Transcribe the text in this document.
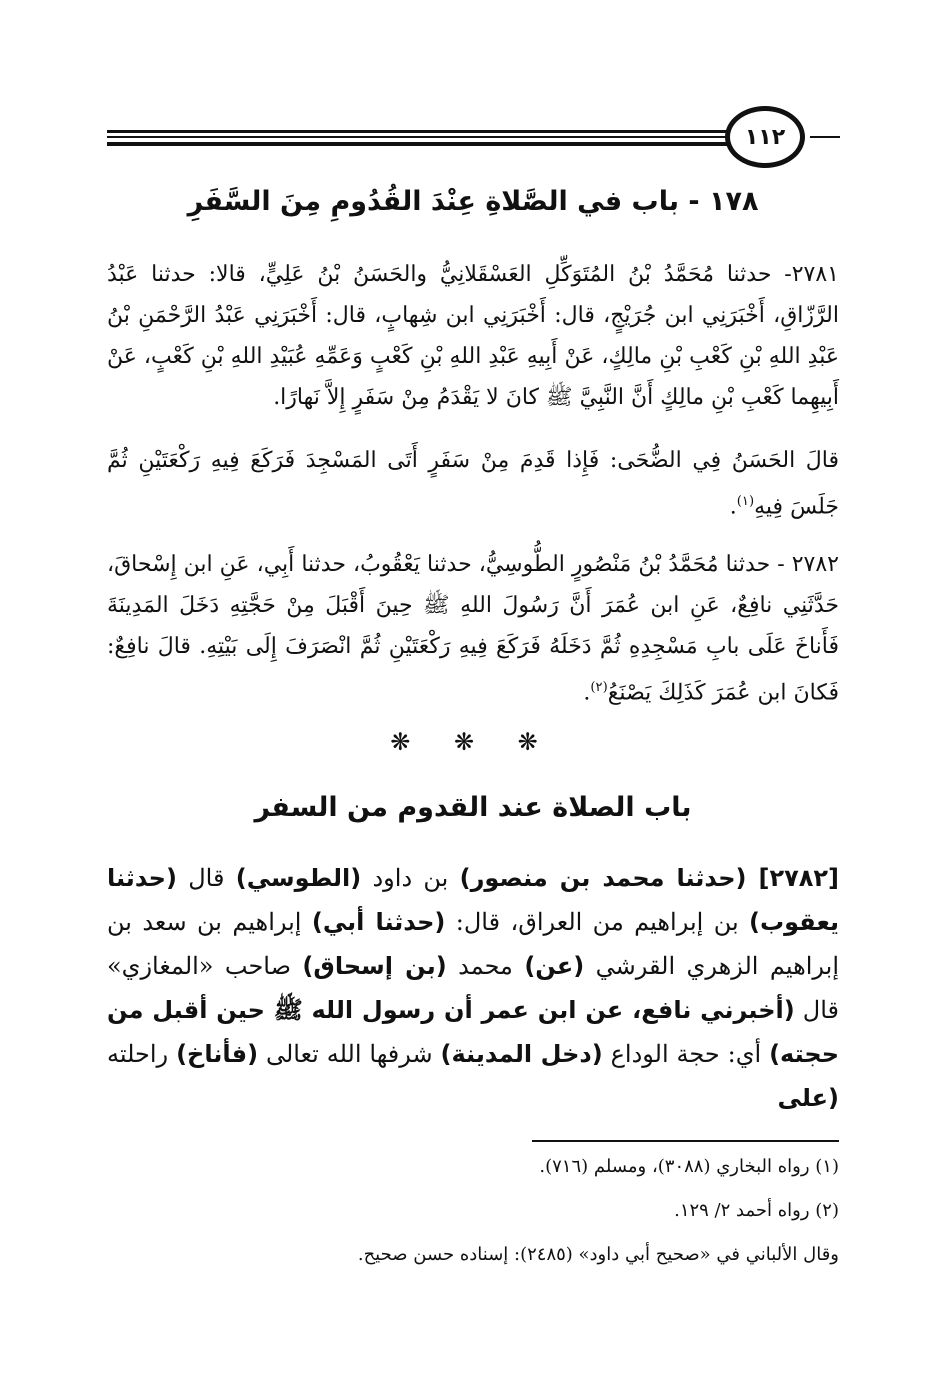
١١٢
١٧٨ - باب في الصَّلاةِ عِنْدَ القُدُومِ مِنَ السَّفَرِ
٢٧٨١- حدثنا مُحَمَّدُ بْنُ المُتَوَكِّلِ العَسْقَلانِيُّ والحَسَنُ بْنُ عَلِيٍّ، قالا: حدثنا عَبْدُ الرَّزّاقِ، أَخْبَرَنِي ابن جُرَيْجٍ، قال: أَخْبَرَنِي ابن شِهابٍ، قال: أَخْبَرَنِي عَبْدُ الرَّحْمَنِ بْنُ عَبْدِ اللهِ بْنِ كَعْبِ بْنِ مالِكٍ، عَنْ أَبِيهِ عَبْدِ اللهِ بْنِ كَعْبٍ وَعَمِّهِ عُبَيْدِ اللهِ بْنِ كَعْبٍ، عَنْ أَبِيهِما كَعْبِ بْنِ مالِكٍ أَنَّ النَّبِيَّ ﷺ كانَ لا يَقْدَمُ مِنْ سَفَرٍ إِلاَّ نَهارًا.
قالَ الحَسَنُ فِي الضُّحَى: فَإِذا قَدِمَ مِنْ سَفَرٍ أَتَى المَسْجِدَ فَرَكَعَ فِيهِ رَكْعَتَيْنِ ثُمَّ جَلَسَ فِيهِ$^{(١)}$.
٢٧٨٢ - حدثنا مُحَمَّدُ بْنُ مَنْصُورٍ الطُّوسِيُّ، حدثنا يَعْقُوبُ، حدثنا أَبِي، عَنِ ابن إِسْحاقَ، حَدَّثَنِي نافِعٌ، عَنِ ابن عُمَرَ أَنَّ رَسُولَ اللهِ ﷺ حِينَ أَقْبَلَ مِنْ حَجَّتِهِ دَخَلَ المَدِينَةَ فَأَناخَ عَلَى بابِ مَسْجِدِهِ ثُمَّ دَخَلَهُ فَرَكَعَ فِيهِ رَكْعَتَيْنِ ثُمَّ انْصَرَفَ إِلَى بَيْتِهِ. قالَ نافِعٌ: فَكانَ ابن عُمَرَ كَذَلِكَ يَصْنَعُ$^{(٢)}$.
❋ ❋ ❋
باب الصلاة عند القدوم من السفر
[٢٧٨٢] (حدثنا محمد بن منصور) بن داود (الطوسي) قال (حدثنا يعقوب) بن إبراهيم من العراق، قال: (حدثنا أبي) إبراهيم بن سعد بن إبراهيم الزهري القرشي (عن) محمد (بن إسحاق) صاحب «المغازي» قال (أخبرني نافع، عن ابن عمر أن رسول الله ﷺ حين أقبل من حجته) أي: حجة الوداع (دخل المدينة) شرفها الله تعالى (فأناخ) راحلته (على
(١) رواه البخاري (٣٠٨٨)، ومسلم (٧١٦).
(٢) رواه أحمد ٢/ ١٢٩.
وقال الألباني في «صحيح أبي داود» (٢٤٨٥): إسناده حسن صحيح.
